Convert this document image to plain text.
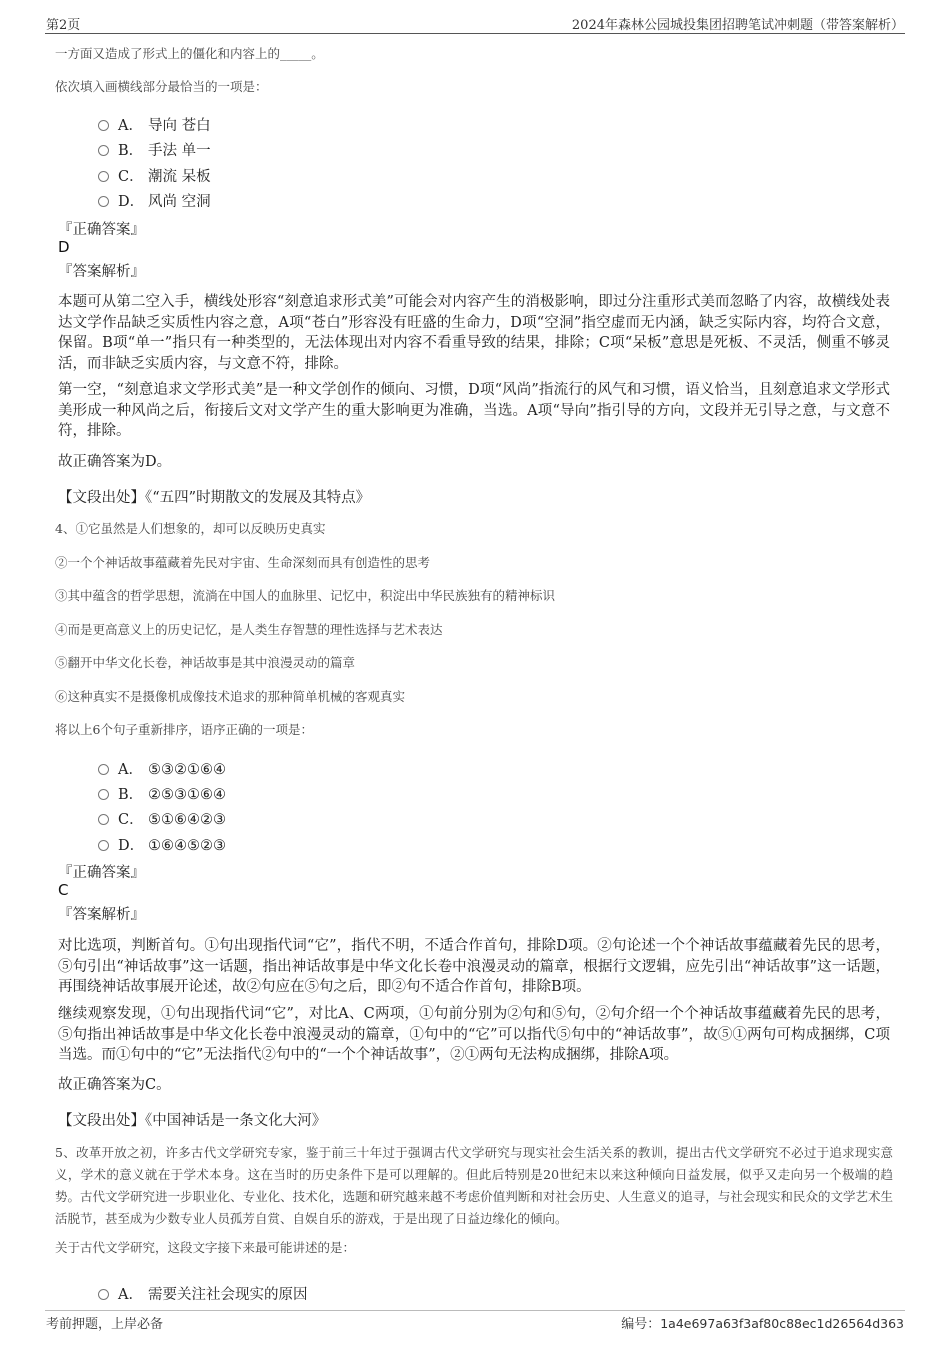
第2页	2024年森林公园城投集团招聘笔试冲刺题（带答案解析）
一方面又造成了形式上的僵化和内容上的_____。
依次填入画横线部分最恰当的一项是：
A． 导向 苍白
B． 手法 单一
C． 潮流 呆板
D． 风尚 空洞
『正确答案』
D
『答案解析』
本题可从第二空入手，横线处形容“刻意追求形式美”可能会对内容产生的消极影响，即过分注重形式美而忽略了内容，故横线处表达文学作品缺乏实质性内容之意，A项“苍白”形容没有旺盛的生命力，D项“空洞”指空虚而无内涵，缺乏实际内容，均符合文意，保留。B项“单一”指只有一种类型的，无法体现出对内容不看重导致的结果，排除；C项“呆板”意思是死板、不灵活，侧重不够灵活，而非缺乏实质内容，与文意不符，排除。
第一空，“刻意追求文学形式美”是一种文学创作的倾向、习惯，D项“风尚”指流行的风气和习惯，语义恰当，且刻意追求文学形式美形成一种风尚之后，衔接后文对文学产生的重大影响更为准确，当选。A项“导向”指引导的方向，文段并无引导之意，与文意不符，排除。
故正确答案为D。
【文段出处】《“五四”时期散文的发展及其特点》
4、①它虽然是人们想象的，却可以反映历史真实
②一个个神话故事蕴藏着先民对宇宙、生命深刻而具有创造性的思考
③其中蕴含的哲学思想，流淌在中国人的血脉里、记忆中，积淀出中华民族独有的精神标识
④而是更高意义上的历史记忆，是人类生存智慧的理性选择与艺术表达
⑤翻开中华文化长卷，神话故事是其中浪漫灵动的篇章
⑥这种真实不是摄像机成像技术追求的那种简单机械的客观真实
将以上6个句子重新排序，语序正确的一项是：
A． ⑤③②①⑥④
B． ②⑤③①⑥④
C． ⑤①⑥④②③
D． ①⑥④⑤②③
『正确答案』
C
『答案解析』
对比选项，判断首句。①句出现指代词“它”，指代不明，不适合作首句，排除D项。②句论述一个个神话故事蕴藏着先民的思考，⑤句引出“神话故事”这一话题，指出神话故事是中华文化长卷中浪漫灵动的篇章，根据行文逻辑，应先引出“神话故事”这一话题，再围绕神话故事展开论述，故②句应在⑤句之后，即②句不适合作首句，排除B项。
继续观察发现，①句出现指代词“它”，对比A、C两项，①句前分别为②句和⑤句，②句介绍一个个神话故事蕴藏着先民的思考，⑤句指出神话故事是中华文化长卷中浪漫灵动的篇章，①句中的“它”可以指代⑤句中的“神话故事”，故⑤①两句可构成捆绑，C项当选。而①句中的“它”无法指代②句中的“一个个神话故事”，②①两句无法构成捆绑，排除A项。
故正确答案为C。
【文段出处】《中国神话是一条文化大河》
5、改革开放之初，许多古代文学研究专家，鉴于前三十年过于强调古代文学研究与现实社会生活关系的教训，提出古代文学研究不必过于追求现实意义，学术的意义就在于学术本身。这在当时的历史条件下是可以理解的。但此后特别是20世纪末以来这种倾向日益发展，似乎又走向另一个极端的趋势。古代文学研究进一步职业化、专业化、技术化，选题和研究越来越不考虑价值判断和对社会历史、人生意义的追寻，与社会现实和民众的文学艺术生活脱节，甚至成为少数专业人员孤芳自赏、自娱自乐的游戏，于是出现了日益边缘化的倾向。
关于古代文学研究，这段文字接下来最可能讲述的是：
A． 需要关注社会现实的原因
考前押题，上岸必备	编号：1a4e697a63f3af80c88ec1d26564d363
